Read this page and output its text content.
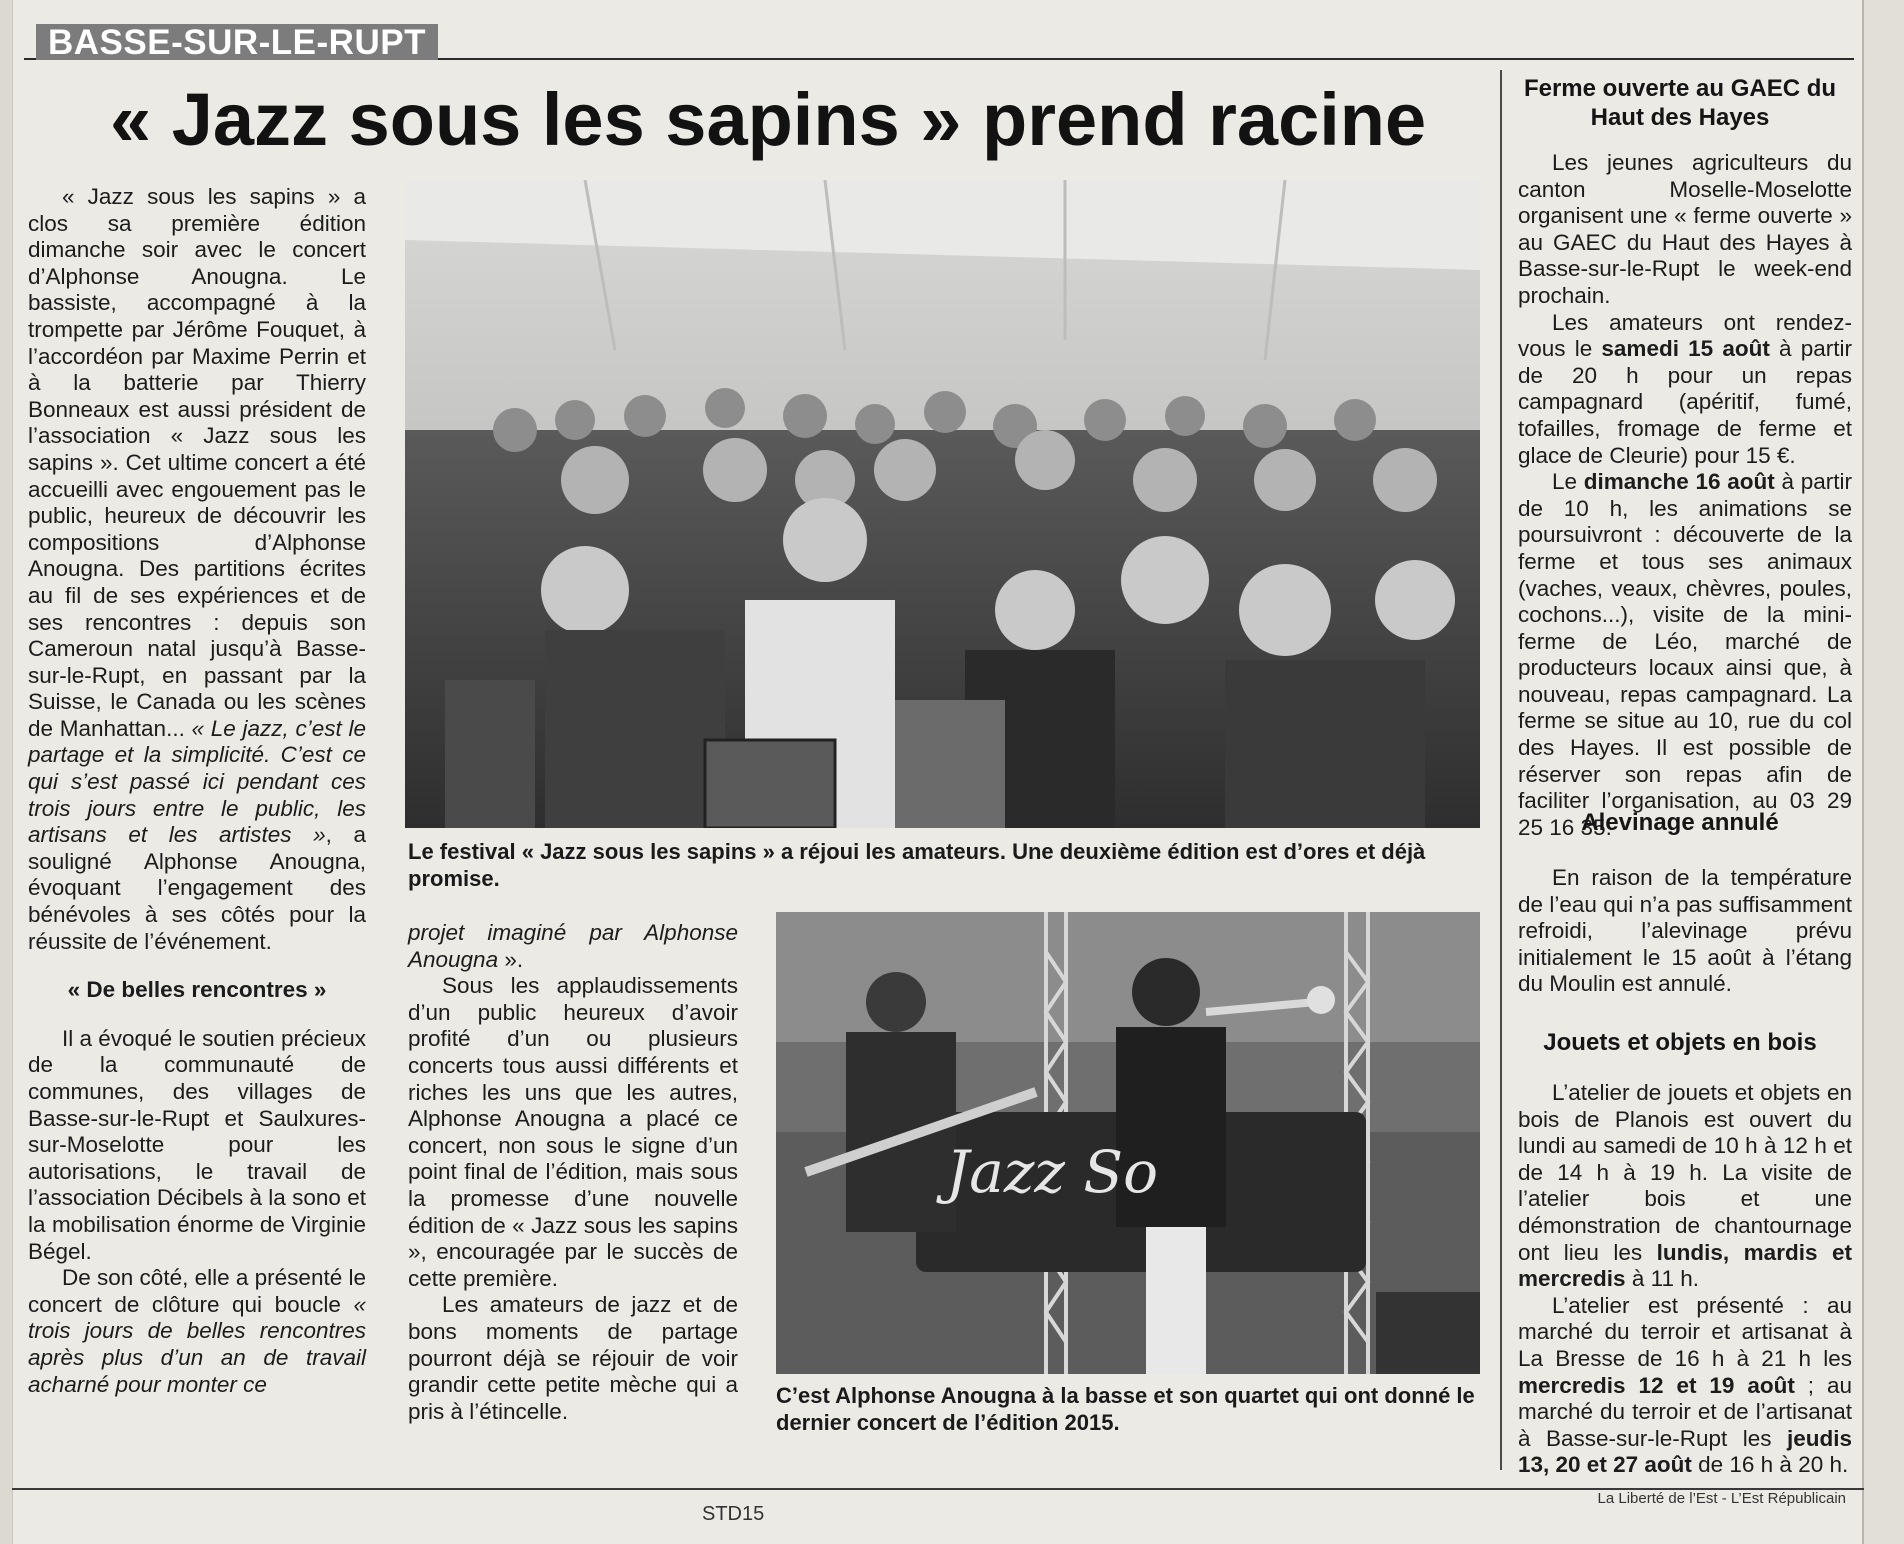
BASSE-SUR-LE-RUPT
« Jazz sous les sapins » prend racine

« Jazz sous les sapins » a clos sa première édition dimanche soir avec le concert d’Alphonse Anougna. Le bassiste, accompagné à la trompette par Jérôme Fouquet, à l’accordéon par Maxime Perrin et à la batterie par Thierry Bonneaux est aussi président de l’association « Jazz sous les sapins ». Cet ultime concert a été accueilli avec engouement pas le public, heureux de découvrir les compositions d’Alphonse Anougna. Des partitions écrites au fil de ses expériences et de ses rencontres : depuis son Cameroun natal jusqu’à Basse-sur-le-Rupt, en passant par la Suisse, le Canada ou les scènes de Manhattan... « Le jazz, c’est le partage et la simplicité. C’est ce qui s’est passé ici pendant ces trois jours entre le public, les artisans et les artistes », a souligné Alphonse Anougna, évoquant l’engagement des bénévoles à ses côtés pour la réussite de l’événement.

« De belles rencontres »

Il a évoqué le soutien précieux de la communauté de communes, des villages de Basse-sur-le-Rupt et Saulxures-sur-Moselotte pour les autorisations, le travail de l’association Décibels à la sono et la mobilisation énorme de Virginie Bégel.

De son côté, elle a présenté le concert de clôture qui boucle « trois jours de belles rencontres après plus d’un an de travail acharné pour monter ce

Le festival « Jazz sous les sapins » a réjoui les amateurs. Une deuxième édition est d’ores et déjà promise.

projet imaginé par Alphonse Anougna ».

Sous les applaudissements d’un public heureux d’avoir profité d’un ou plusieurs concerts tous aussi différents et riches les uns que les autres, Alphonse Anougna a placé ce concert, non sous le signe d’un point final de l’édition, mais sous la promesse d’une nouvelle édition de « Jazz sous les sapins », encouragée par le succès de cette première.

Les amateurs de jazz et de bons moments de partage pourront déjà se réjouir de voir grandir cette petite mèche qui a pris à l’étincelle.

Jazz So
C’est Alphonse Anougna à la basse et son quartet qui ont donné le dernier concert de l’édition 2015.
Ferme ouverte au GAEC du Haut des Hayes

Les jeunes agriculteurs du canton Moselle-Moselotte organisent une « ferme ouverte » au GAEC du Haut des Hayes à Basse-sur-le-Rupt le week-end prochain.

Les amateurs ont rendez-vous le samedi 15 août à partir de 20 h pour un repas campagnard (apéritif, fumé, tofailles, fromage de ferme et glace de Cleurie) pour 15 €.

Le dimanche 16 août à partir de 10 h, les animations se poursuivront : découverte de la ferme et tous ses animaux (vaches, veaux, chèvres, poules, cochons...), visite de la mini-ferme de Léo, marché de producteurs locaux ainsi que, à nouveau, repas campagnard. La ferme se situe au 10, rue du col des Hayes. Il est possible de réserver son repas afin de faciliter l’organisation, au 03 29 25 16 35.

Alevinage annulé

En raison de la température de l’eau qui n’a pas suffisamment refroidi, l’alevinage prévu initialement le 15 août à l’étang du Moulin est annulé.

Jouets et objets en bois

L’atelier de jouets et objets en bois de Planois est ouvert du lundi au samedi de 10 h à 12 h et de 14 h à 19 h. La visite de l’atelier bois et une démonstration de chantournage ont lieu les lundis, mardis et mercredis à 11 h.

L’atelier est présenté : au marché du terroir et artisanat à La Bresse de 16 h à 21 h les mercredis 12 et 19 août ; au marché du terroir et de l’artisanat à Basse-sur-le-Rupt les jeudis 13, 20 et 27 août de 16 h à 20 h.

STD15
La Liberté de l’Est - L’Est Républicain
